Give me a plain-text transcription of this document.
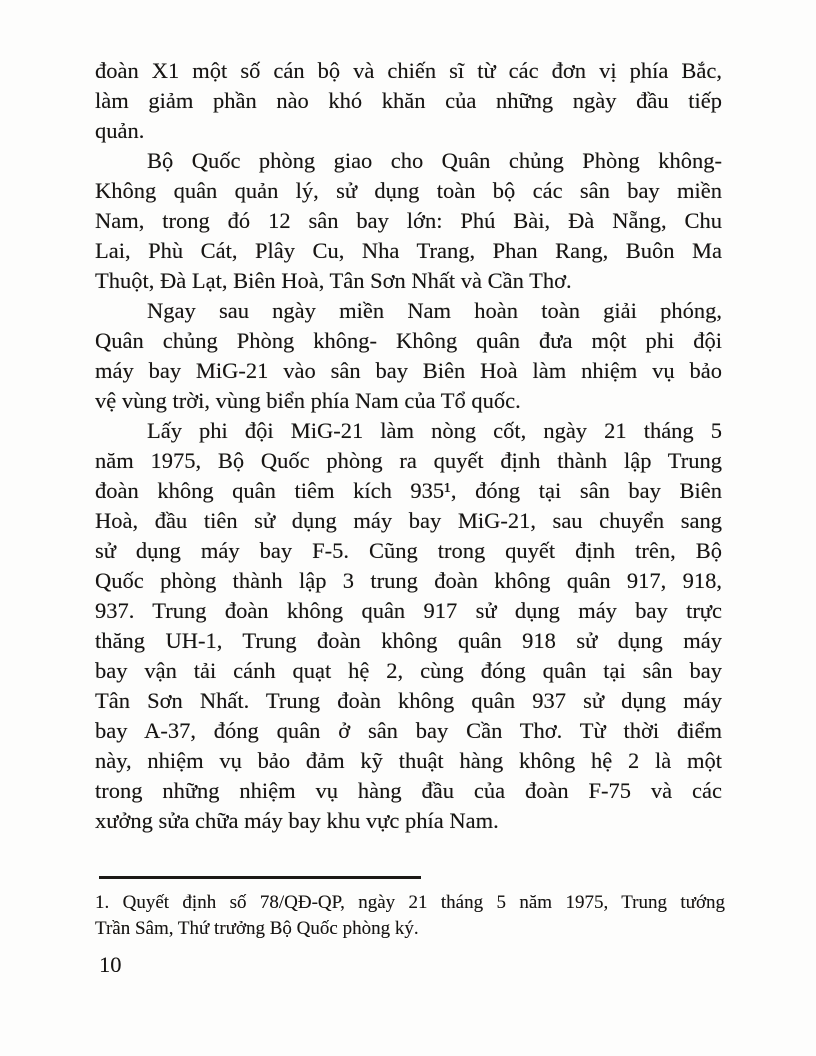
đoàn X1 một số cán bộ và chiến sĩ từ các đơn vị phía Bắc,
làm giảm phần nào khó khăn của những ngày đầu tiếp
quản.
Bộ Quốc phòng giao cho Quân chủng Phòng không-
Không quân quản lý, sử dụng toàn bộ các sân bay miền
Nam, trong đó 12 sân bay lớn: Phú Bài, Đà Nẵng, Chu
Lai, Phù Cát, Plây Cu, Nha Trang, Phan Rang, Buôn Ma
Thuột, Đà Lạt, Biên Hoà, Tân Sơn Nhất và Cần Thơ.
Ngay sau ngày miền Nam hoàn toàn giải phóng,
Quân chủng Phòng không- Không quân đưa một phi đội
máy bay MiG-21 vào sân bay Biên Hoà làm nhiệm vụ bảo
vệ vùng trời, vùng biển phía Nam của Tổ quốc.
Lấy phi đội MiG-21 làm nòng cốt, ngày 21 tháng 5
năm 1975, Bộ Quốc phòng ra quyết định thành lập Trung
đoàn không quân tiêm kích 935¹, đóng tại sân bay Biên
Hoà, đầu tiên sử dụng máy bay MiG-21, sau chuyển sang
sử dụng máy bay F-5. Cũng trong quyết định trên, Bộ
Quốc phòng thành lập 3 trung đoàn không quân 917, 918,
937. Trung đoàn không quân 917 sử dụng máy bay trực
thăng UH-1, Trung đoàn không quân 918 sử dụng máy
bay vận tải cánh quạt hệ 2, cùng đóng quân tại sân bay
Tân Sơn Nhất. Trung đoàn không quân 937 sử dụng máy
bay A-37, đóng quân ở sân bay Cần Thơ. Từ thời điểm
này, nhiệm vụ bảo đảm kỹ thuật hàng không hệ 2 là một
trong những nhiệm vụ hàng đầu của đoàn F-75 và các
xưởng sửa chữa máy bay khu vực phía Nam.
1. Quyết định số 78/QĐ-QP, ngày 21 tháng 5 năm 1975, Trung tướng
Trần Sâm, Thứ trưởng Bộ Quốc phòng ký.
10
